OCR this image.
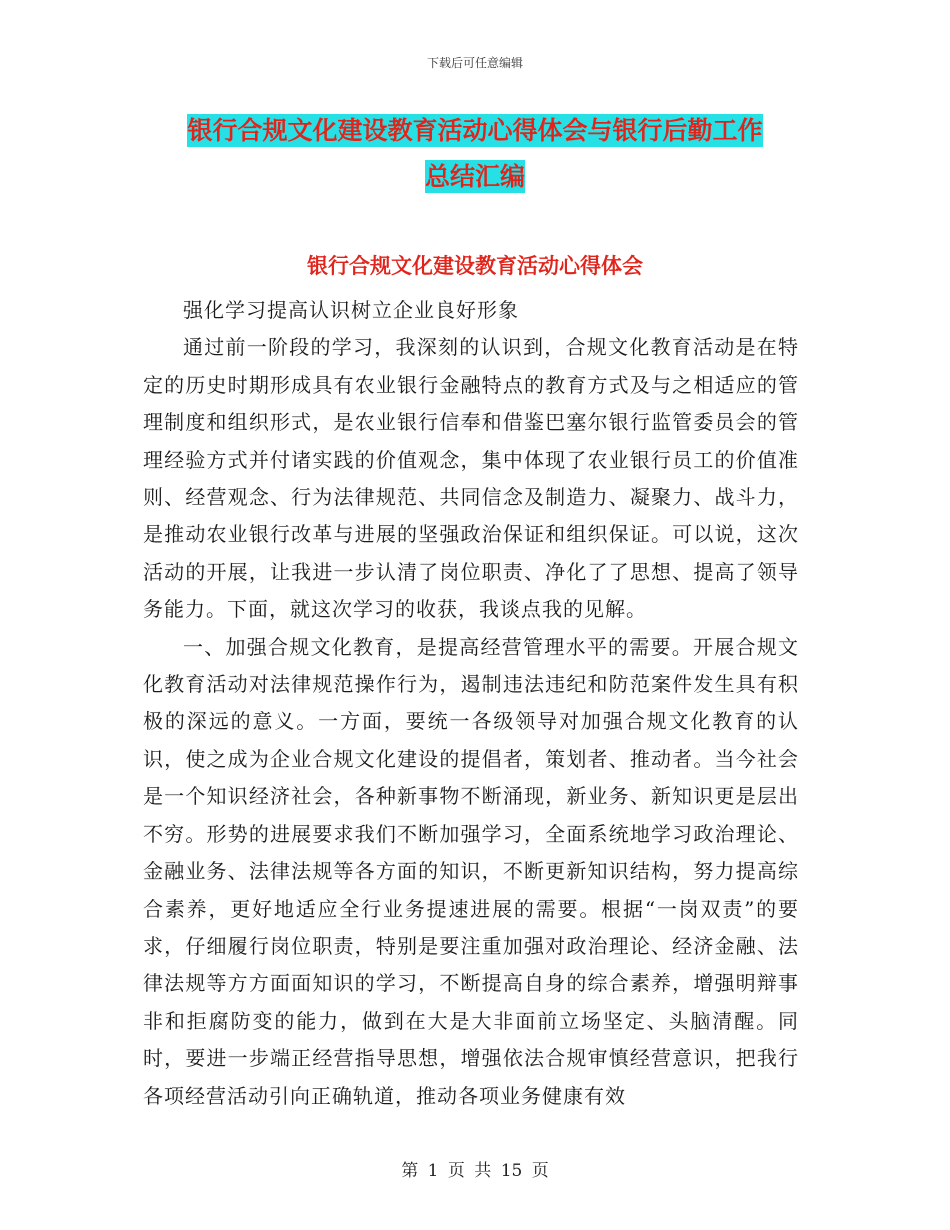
下载后可任意编辑
银行合规文化建设教育活动心得体会与银行后勤工作
总结汇编
银行合规文化建设教育活动心得体会

强化学习提高认识树立企业良好形象

通过前一阶段的学习，我深刻的认识到，合规文化教育活动是在特定的历史时期形成具有农业银行金融特点的教育方式及与之相适应的管理制度和组织形式，是农业银行信奉和借鉴巴塞尔银行监管委员会的管理经验方式并付诸实践的价值观念，集中体现了农业银行员工的价值准则、经营观念、行为法律规范、共同信念及制造力、凝聚力、战斗力，是推动农业银行改革与进展的坚强政治保证和组织保证。可以说，这次活动的开展，让我进一步认清了岗位职责、净化了了思想、提高了领导务能力。下面，就这次学习的收获，我谈点我的见解。

一、加强合规文化教育，是提高经营管理水平的需要。开展合规文化教育活动对法律规范操作行为，遏制违法违纪和防范案件发生具有积极的深远的意义。一方面，要统一各级领导对加强合规文化教育的认识，使之成为企业合规文化建设的提倡者，策划者、推动者。当今社会是一个知识经济社会，各种新事物不断涌现，新业务、新知识更是层出不穷。形势的进展要求我们不断加强学习，全面系统地学习政治理论、金融业务、法律法规等各方面的知识，不断更新知识结构，努力提高综合素养，更好地适应全行业务提速进展的需要。根据“一岗双责”的要求，仔细履行岗位职责，特别是要注重加强对政治理论、经济金融、法律法规等方方面面知识的学习，不断提高自身的综合素养，增强明辩事非和拒腐防变的能力，做到在大是大非面前立场坚定、头脑清醒。同时，要进一步端正经营指导思想，增强依法合规审慎经营意识，把我行各项经营活动引向正确轨道，推动各项业务健康有效

第 1 页 共 15 页
